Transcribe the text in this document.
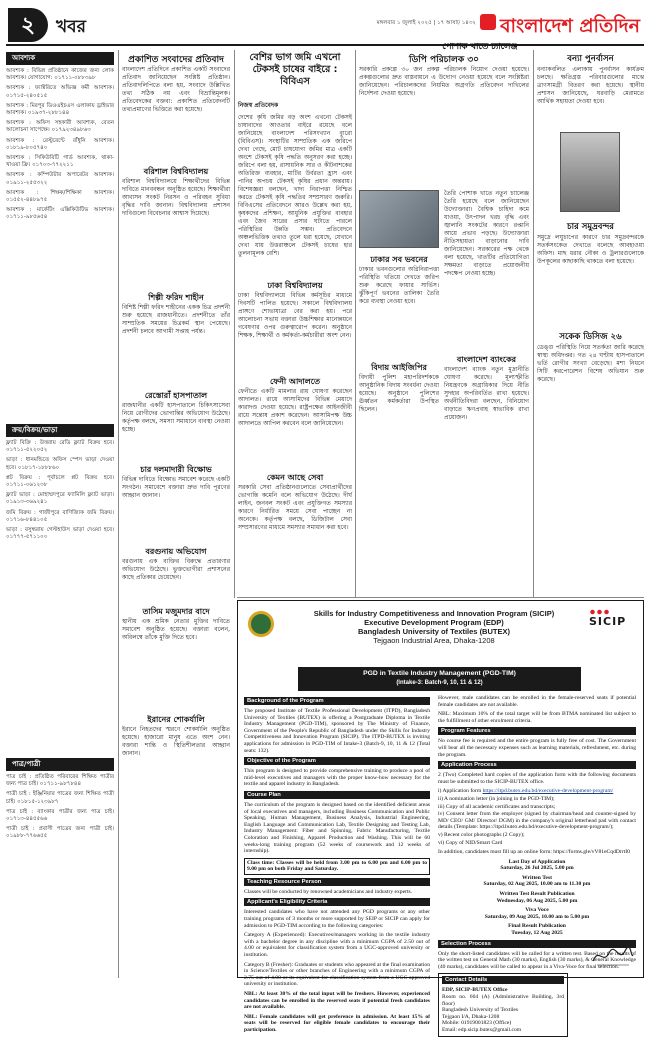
২	খবর	মঙ্গলবার ১ জুলাই ২০২৫ | ১৭ আষাঢ় ১৪৩২ বাংলাদেশ প্রতিদিন
আবশ্যক

আবশ্যক : বিভিন্ন প্রতিষ্ঠানে কাজের জন্য লোক আবশ্যক। যোগাযোগ: ০১৭১১-০৮৮৩৯৮

আবশ্যক : ফ্যাক্টরিতে অভিজ্ঞ কর্মী আবশ্যক। ০১৭১৫-২৪০৫১৫

আবশ্যক : মিরপুর ডিওএইচএস এলাকায় ড্রাইভার আবশ্যক। ০১৯৩৭-২৮৮১৪৪

আবশ্যক : অফিস সহকারী আবশ্যক, বেতন আলোচনা সাপেক্ষে। ০১৭৯২৩৪৯৮৬৩

আবশ্যক : রেস্টুরেন্টে রাঁধুনি আবশ্যক। ০১৮১৯-৮০৫৭৪০

আবশ্যক : সিকিউরিটি গার্ড আবশ্যক, থাকা-খাওয়া ফ্রি। ০১৭০৩-৭৭২২১১

আবশ্যক : কম্পিউটার অপারেটর আবশ্যক। ০১৯১১-২৫৫৩২২

আবশ্যক : শিক্ষক/শিক্ষিকা আবশ্যক। ০১৫৫২-৪৪৮৯৭৫

আবশ্যক : মার্কেটিং এক্সিকিউটিভ আবশ্যক। ০১৭১১-৯৮৫৬৫৪

ক্রয়/বিক্রয়/ভাড়া

ফ্ল্যাট বিক্রি : উত্তরায় রেডি ফ্ল্যাট বিক্রয় হবে। ০১৭১১-৫২২০৫২

ভাড়া : ধানমন্ডিতে অফিস স্পেস ভাড়া দেওয়া হবে। ০১৮১৭-১৮৮৮৬০

প্লট বিক্রয় : পূর্বাচলে প্লট বিক্রয় হবে। ০১৭১১-০৬১২৩৮

ফ্ল্যাট ভাড়া : মোহাম্মদপুরে ফ্যামিলি ফ্ল্যাট ভাড়া। ০১৯১৩-৩৬৯২৪১

জমি বিক্রয় : গাজীপুরে বাণিজ্যিক জমি বিক্রয়। ০১৭১৬-৮৪৪১০৫

ভাড়া : বসুন্ধরায় গেস্টহাউস ভাড়া দেওয়া হবে। ০১৭৭৭-৫৭১১০০

পাত্র/পাত্রী

পাত্র চাই : প্রতিষ্ঠিত পরিবারের শিক্ষিত পাত্রীর জন্য পাত্র চাই। ০১৭১১-৯৮৭৮৪৪

পাত্রী চাই : ইঞ্জিনিয়ার পাত্রের জন্য শিক্ষিত পাত্রী চাই। ০১৮১৫-১২৩৯৮৭

পাত্র চাই : ব্যাংকার পাত্রীর জন্য পাত্র চাই। ০১৭১৩-৪৪৫৫৬৬

পাত্রী চাই : প্রবাসী পাত্রের জন্য পাত্রী চাই। ০১৯৮৮-৭৭৬৬৫৫

প্রকাশিত সংবাদের প্রতিবাদ
বাংলাদেশ প্রতিদিনে প্রকাশিত একটি সংবাদের প্রতিবাদ জানিয়েছেন সংশ্লিষ্ট প্রতিষ্ঠান। প্রতিবাদলিপিতে বলা হয়, সংবাদে উল্লিখিত তথ্য সঠিক নয় এবং বিভ্রান্তিমূলক। প্রতিবেদকের বক্তব্য: প্রকাশিত প্রতিবেদনটি তথ্যপ্রমাণের ভিত্তিতে করা হয়েছে।
বরিশাল বিশ্ববিদ্যালয়
বরিশাল বিশ্ববিদ্যালয়ে শিক্ষার্থীদের বিভিন্ন দাবিতে মানববন্ধন অনুষ্ঠিত হয়েছে। শিক্ষার্থীরা আবাসন সংকট নিরসন ও পরিবহন সুবিধা বৃদ্ধির দাবি জানান। বিশ্ববিদ্যালয় প্রশাসন দাবিগুলো বিবেচনার আশ্বাস দিয়েছে।
শিল্পী ফরিদ শাহীন
বিশিষ্ট শিল্পী ফরিদ শাহীনের একক চিত্র প্রদর্শনী শুরু হয়েছে রাজধানীতে। প্রদর্শনীতে তাঁর সাম্প্রতিক সময়ের চিত্রকর্ম স্থান পেয়েছে। প্রদর্শনী চলবে আগামী সপ্তাহ পর্যন্ত।
রেস্তোরাঁ হাসপাতাল
রাজধানীর একটি হাসপাতালে চিকিৎসাসেবা নিয়ে রোগীদের ভোগান্তির অভিযোগ উঠেছে। কর্তৃপক্ষ বলছে, সমস্যা সমাধানে ব্যবস্থা নেওয়া হচ্ছে।
চার দলমাদারী বিক্ষোভ
বিভিন্ন দাবিতে বিক্ষোভ সমাবেশ করেছে একটি সংগঠন। সমাবেশে বক্তারা দ্রুত দাবি পূরণের আহ্বান জানান।
বরগুনায় অভিযোগ
বরগুনায় এক ব্যক্তির বিরুদ্ধে প্রতারণার অভিযোগ উঠেছে। ভুক্তভোগীরা প্রশাসনের কাছে প্রতিকার চেয়েছেন।
তাসিম মজুমদার বাদে
স্থানীয় এক শ্রমিক নেতার মুক্তির দাবিতে সমাবেশ অনুষ্ঠিত হয়েছে। বক্তারা বলেন, অবিলম্বে তাঁকে মুক্তি দিতে হবে।
ইরানের শোকর্যালি
ইরানে নিহতদের স্মরণে শোকর্যালি অনুষ্ঠিত হয়েছে। হাজারো মানুষ এতে অংশ নেন। বক্তারা শান্তি ও স্থিতিশীলতার আহ্বান জানান।
বেশির ভাগ জমি এখনো টেকসই চাষের বাইরে : বিবিএস
নিজস্ব প্রতিবেদক
দেশের কৃষি জমির বড় অংশ এখনো টেকসই চাষাবাদের আওতার বাইরে রয়েছে বলে জানিয়েছে বাংলাদেশ পরিসংখ্যান ব্যুরো (বিবিএস)। সংস্থাটির সাম্প্রতিক এক জরিপে দেখা গেছে, মোট চাষযোগ্য জমির মাত্র একটি অংশে টেকসই কৃষি পদ্ধতি অনুসরণ করা হচ্ছে। জরিপে বলা হয়, রাসায়নিক সার ও কীটনাশকের অতিরিক্ত ব্যবহার, মাটির উর্বরতা হ্রাস এবং পানির অপচয় টেকসই কৃষির প্রধান অন্তরায়। বিশেষজ্ঞরা বলছেন, খাদ্য নিরাপত্তা নিশ্চিত করতে টেকসই কৃষি পদ্ধতির সম্প্রসারণ জরুরি। বিবিএসের প্রতিবেদনে আরও উল্লেখ করা হয়, কৃষকদের প্রশিক্ষণ, আধুনিক প্রযুক্তির ব্যবহার এবং জৈব সারের প্রসার ঘটাতে পারলে পরিস্থিতির উন্নতি সম্ভব। প্রতিবেদনে অঞ্চলভিত্তিক তথ্যও তুলে ধরা হয়েছে, যেখানে দেখা যায় উত্তরাঞ্চলে টেকসই চাষের হার তুলনামূলক বেশি।
ঢাকা বিশ্ববিদ্যালয়
ঢাকা বিশ্ববিদ্যালয়ে বিভিন্ন কর্মসূচির মাধ্যমে দিবসটি পালিত হয়েছে। সকালে বিশ্ববিদ্যালয় প্রাঙ্গণে শোভাযাত্রা বের করা হয়। পরে আলোচনা সভায় বক্তারা উচ্চশিক্ষার মানোন্নয়নে গবেষণার ওপর গুরুত্বারোপ করেন। অনুষ্ঠানে শিক্ষক, শিক্ষার্থী ও কর্মকর্তা-কর্মচারীরা অংশ নেন।
ফেনী আদালতে
ফেনীতে একটি মামলার রায় ঘোষণা করেছেন আদালত। রায়ে আসামিদের বিভিন্ন মেয়াদে কারাদণ্ড দেওয়া হয়েছে। রাষ্ট্রপক্ষের আইনজীবী রায়ে সন্তোষ প্রকাশ করেছেন। আসামিপক্ষ উচ্চ আদালতে আপিল করবেন বলে জানিয়েছেন।
কেমন আছে সেবা
সরকারি সেবা প্রতিষ্ঠানগুলোতে সেবাপ্রার্থীদের ভোগান্তি কমেনি বলে অভিযোগ উঠেছে। দীর্ঘ লাইন, জনবল সংকট এবং প্রযুক্তিগত সমস্যার কারণে নির্ধারিত সময়ে সেবা পাচ্ছেন না অনেকে। কর্তৃপক্ষ বলছে, ডিজিটাল সেবা সম্প্রসারণের মাধ্যমে সমস্যার সমাধান করা হবে।
ডিপি পরিচালক ৩০
সরকারি প্রকল্পে ৩০ জন প্রকল্প পরিচালক নিয়োগ দেওয়া হয়েছে। প্রকল্পগুলোর দ্রুত বাস্তবায়নে এ উদ্যোগ নেওয়া হয়েছে বলে সংশ্লিষ্টরা জানিয়েছেন। পরিচালকদের নিয়মিত অগ্রগতি প্রতিবেদন দাখিলের নির্দেশনা দেওয়া হয়েছে।
ঢাকার সব ভবনের
ঢাকার ভবনগুলোর অগ্নিনিরাপত্তা পরিস্থিতি খতিয়ে দেখতে জরিপ শুরু করেছে ফায়ার সার্ভিস। ঝুঁকিপূর্ণ ভবনের তালিকা তৈরি করে ব্যবস্থা নেওয়া হবে।
বিদায় আইজিপির
বিদায়ী পুলিশ মহাপরিদর্শককে আনুষ্ঠানিক বিদায় সংবর্ধনা দেওয়া হয়েছে। অনুষ্ঠানে পুলিশের ঊর্ধ্বতন কর্মকর্তারা উপস্থিত ছিলেন।
তৈরি পোশাক খাতে নতুন চ্যালেঞ্জ তৈরি হয়েছে বলে জানিয়েছেন উদ্যোক্তারা। বৈশ্বিক চাহিদা কমে যাওয়া, উৎপাদন খরচ বৃদ্ধি এবং জ্বালানি সংকটের কারণে রপ্তানি আয়ে প্রভাব পড়ছে। উদ্যোক্তারা নীতিসহায়তা বাড়ানোর দাবি জানিয়েছেন। সরকারের পক্ষ থেকে বলা হয়েছে, খাতটির প্রতিযোগিতা সক্ষমতা বাড়াতে প্রয়োজনীয় পদক্ষেপ নেওয়া হচ্ছে।
বাংলাদেশ ব্যাংকের
বাংলাদেশ ব্যাংক নতুন মুদ্রানীতি ঘোষণা করেছে। মূল্যস্ফীতি নিয়ন্ত্রণকে অগ্রাধিকার দিয়ে নীতি সুদহার অপরিবর্তিত রাখা হয়েছে। অর্থনীতিবিদরা বলছেন, বিনিয়োগ বাড়াতে ঋণপ্রবাহ স্বাভাবিক রাখা প্রয়োজন।
পোশাক খাতে চ্যালেঞ্জ
বন্যা পুনর্বাসন
বন্যাকবলিত এলাকায় পুনর্বাসন কার্যক্রম চলছে। ক্ষতিগ্রস্ত পরিবারগুলোর মাঝে ত্রাণসামগ্রী বিতরণ করা হয়েছে। স্থানীয় প্রশাসন জানিয়েছে, ঘরবাড়ি মেরামতে আর্থিক সহায়তা দেওয়া হবে।
চার সমুদ্রবন্দর
সমুদ্রে লঘুচাপের কারণে চার সমুদ্রবন্দরকে সতর্কসংকেত দেখাতে বলেছে আবহাওয়া অফিস। মাছ ধরার নৌকা ও ট্রলারগুলোকে উপকূলের কাছাকাছি থাকতে বলা হয়েছে।
সকেক ডিসিজ ২৬
ডেঙ্গু পরিস্থিতি নিয়ে সতর্কতা জারি করেছে স্বাস্থ্য অধিদপ্তর। গত ২৪ ঘণ্টায় হাসপাতালে ভর্তি রোগীর সংখ্যা বেড়েছে। মশা নিধনে সিটি করপোরেশন বিশেষ অভিযান শুরু করেছে।
Skills for Industry Competitiveness and Innovation Program (SICIP)
Executive Development Program (EDP)
Bangladesh University of Textiles (BUTEX)
Tejgaon Industrial Area, Dhaka-1208
SICIP
PGD in Textile Industry Management (PGD-TIM)
(Intake-3: Batch-9, 10, 11 & 12)
Background of the Program

The proposed Institute of Textile Professional Development (ITPD), Bangladesh University of Textiles (BUTEX) is offering a Postgraduate Diploma in Textile Industry Management (PGD-TIM), sponsored by The Ministry of Finance, Government of the People's Republic of Bangladesh under the Skills for Industry Competitiveness and Innovation Program (SICIP). The ITPD-BUTEX is inviting applications for admission in PGD-TIM of Intake-3 (Batch-9, 10, 11 & 12 (Total seats: 132).

Objective of the Program

This program is designed to provide comprehensive training to produce a pool of mid-level executives and managers with the proper know-how necessary for the textile and apparel industry in Bangladesh.

Course Plan

The curriculum of the program is designed based on the identified deficient areas of local executives and managers, including Business Communication and Public Speaking, Human Management, Business Analysis, Industrial Engineering, English Language and Communication Lab, Textile Designing and Testing Lab, Industry Management: Fiber and Spinning, Fabric Manufacturing, Textile Coloration and Finishing, Apparel Production and Washing. This will be 60 weeks-long training program (52 weeks of coursework and 12 weeks of internship).

Class time: Classes will be held from 3.00 pm to 6.00 pm and 6.00 pm to 9.00 pm on both Friday and Saturday.

Teaching Resource Person

Classes will be conducted by renowned academicians and industry experts.

Applicant's Eligibility Criteria

Interested candidates who have not attended any PGD programs or any other training programs of 3 months or more supported by SEIP or SICIP can apply for admission to PGD-TIM according to the following categories:

Category A (Experienced): Executives/managers working in the textile industry with a bachelor degree in any discipline with a minimum CGPA of 2.50 out of 4.00 or equivalent for classification system from a UGC-approved university or institution.

Category B (Fresher): Graduates or students who appeared at the final examination in Science/Textiles or other branches of Engineering with a minimum CGPA of 2.75 out of 4.00 or its equivalent for classification system from a UGC-approved university or institution.

NBL: At least 30% of the total input will be freshers. However, experienced candidates can be enrolled in the reserved seats if potential fresh candidates are not available.

NBL: Female candidates will get preference in admission. At least 15% of seats will be reserved for eligible female candidates to encourage their participation.

However, male candidates can be enrolled in the female-reserved seats if potential female candidates are not available.

NBL: Maximum 10% of the total target will be from BTMA nominated list subject to the fulfillment of other enrolment criteria.

Program Features

No course fee is required and the entire program is fully free of cost. The Government will bear all the necessary expenses such as learning materials, refreshment, etc. during the program.

Application Process

2 (Two) Completed hard copies of the application form with the following documents must be submitted to the SICIP-BUTEX office.

i) Application form https://itpd.butex.edu.bd/executive-development-program/

ii) A nomination letter (in joining in the PGD-TIM);

iii) Copy of all academic certificates and transcripts;

iv) Consent letter from the employer (signed by chairman/head and counter-signed by MD/ CEO/ GM/ Director/ DGM) in the company's original letterhead pad with contact details (Template: https://itpd.butex.edu.bd/executive-development-program/);

v) Recent color photographs (2 Copy);

vi) Copy of NID/Smart Card

In addition, candidates must fill up an online form: https://forms.gle/vV81eCqdDrrtI0

Last Day of Application
Saturday, 26 Jul 2025, 5.00 pm
Written Test
Saturday, 02 Aug 2025, 10.00 am to 11.30 pm
Written Test Result Publication
Wednesday, 06 Aug 2025, 5.00 pm
Viva Voce
Saturday, 09 Aug 2025, 10.00 am to 5.00 pm
Final Result Publication
Tuesday, 12 Aug 2025
Selection Process

Only the short-listed candidates will be called for a written test. Based on the results of the written test on General Math (30 marks), English (30 marks), & General Knowledge (40 marks), candidates will be called to appear in a Viva-Voce for final selection.

Contact Details
EDP, SICIP-BUTEX Office
Room no. 604 (A) (Administrative Building, 3rd floor)
Bangladesh University of Textiles
Tejgaon I/A, Dhaka-1208
Mobile: 01919001823 (Office)
Email: edp.sicip.butex@gmail.com
